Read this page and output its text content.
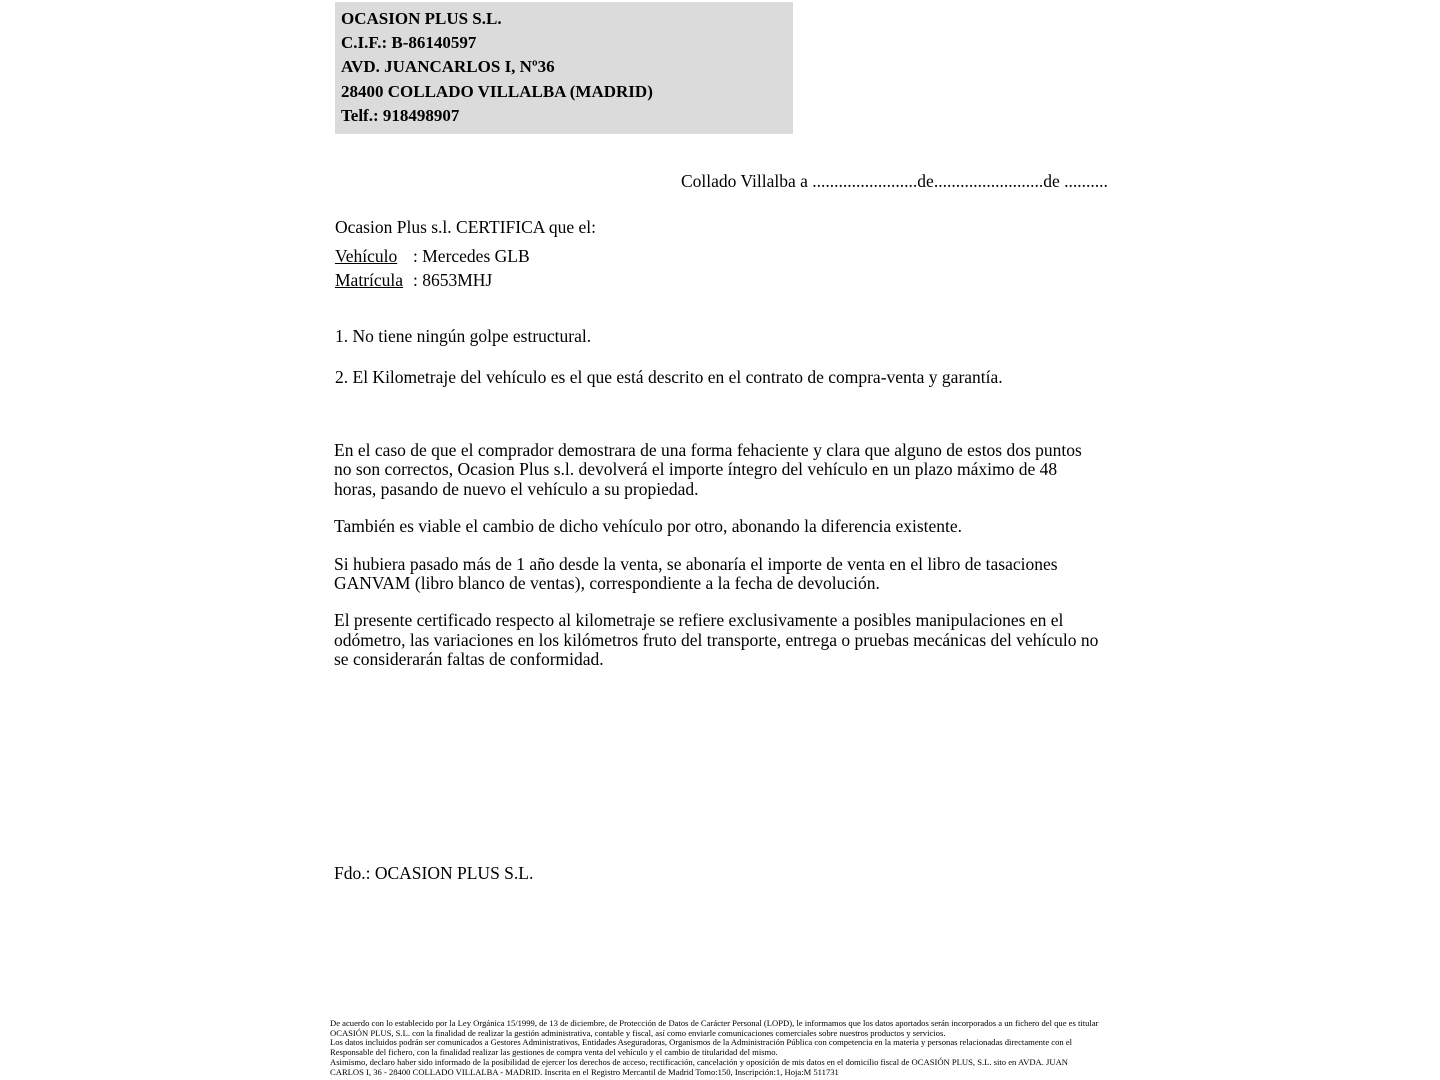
OCASION PLUS S.L.
C.I.F.: B-86140597
AVD. JUANCARLOS I, Nº36
28400 COLLADO VILLALBA (MADRID)
Telf.: 918498907
Collado Villalba a ........................de.........................de ..........
Ocasion Plus s.l. CERTIFICA que el:
Vehículo : Mercedes GLB
Matrícula : 8653MHJ
1. No tiene ningún golpe estructural.
2. El Kilometraje del vehículo es el que está descrito en el contrato de compra-venta y garantía.

En el caso de que el comprador demostrara de una forma fehaciente y clara que alguno de estos dos puntos no son correctos, Ocasion Plus s.l. devolverá el importe íntegro del vehículo en un plazo máximo de 48 horas, pasando de nuevo el vehículo a su propiedad.

También es viable el cambio de dicho vehículo por otro, abonando la diferencia existente.

Si hubiera pasado más de 1 año desde la venta, se abonaría el importe de venta en el libro de tasaciones GANVAM (libro blanco de ventas), correspondiente a la fecha de devolución.

El presente certificado respecto al kilometraje se refiere exclusivamente a posibles manipulaciones en el odómetro, las variaciones en los kilómetros fruto del transporte, entrega o pruebas mecánicas del vehículo no se considerarán faltas de conformidad.

Fdo.: OCASION PLUS S.L.
De acuerdo con lo establecido por la Ley Orgánica 15/1999, de 13 de diciembre, de Protección de Datos de Carácter Personal (LOPD), le informamos que los datos aportados serán incorporados a un fichero del que es titular
OCASIÓN PLUS, S.L. con la finalidad de realizar la gestión administrativa, contable y fiscal, así como enviarle comunicaciones comerciales sobre nuestros productos y servicios.
Los datos incluidos podrán ser comunicados a Gestores Administrativos, Entidades Aseguradoras, Organismos de la Administración Pública con competencia en la materia y personas relacionadas directamente con el
Responsable del fichero, con la finalidad realizar las gestiones de compra venta del vehículo y el cambio de titularidad del mismo.
Asimismo, declaro haber sido informado de la posibilidad de ejercer los derechos de acceso, rectificación, cancelación y oposición de mis datos en el domicilio fiscal de OCASIÓN PLUS, S.L. sito en AVDA. JUAN
CARLOS I, 36 - 28400 COLLADO VILLALBA - MADRID. Inscrita en el Registro Mercantil de Madrid Tomo:150, Inscripción:1, Hoja:M 511731
